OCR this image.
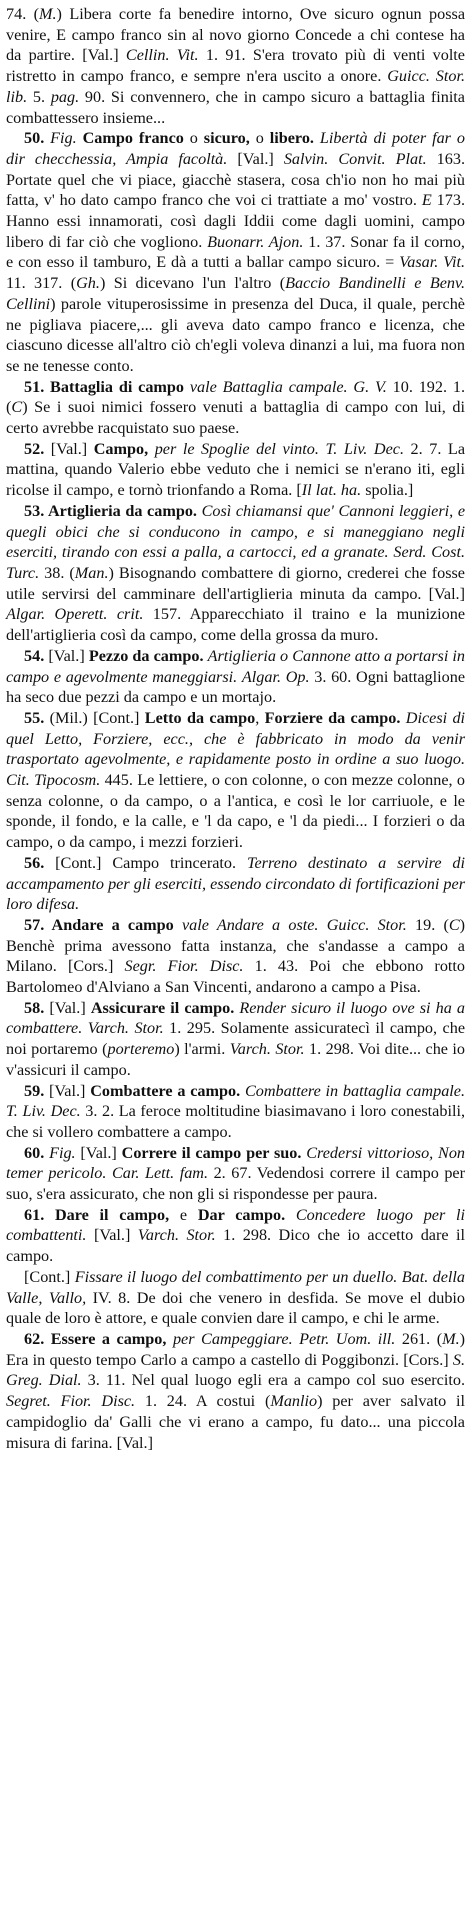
74. (M.) Libera corte fa benedire intorno, Ove sicuro ognun possa venire, E campo franco sin al novo giorno Concede a chi contese ha da partire. [Val.] Cellin. Vit. 1. 91. S'era trovato più di venti volte ristretto in campo franco, e sempre n'era uscito a onore. Guicc. Stor. lib. 5. pag. 90. Si convennero, che in campo sicuro a battaglia finita combattessero insieme...

50. Fig. Campo franco o sicuro, o libero. Libertà di poter far o dir checchessia, Ampia facoltà. [Val.] Salvin. Convit. Plat. 163. Portate quel che vi piace, giacchè stasera, cosa ch'io non ho mai più fatta, v' ho dato campo franco che voi ci trattiate a mo' vostro. E 173. Hanno essi innamorati, così dagli Iddii come dagli uomini, campo libero di far ciò che vogliono. Buonarr. Ajon. 1. 37. Sonar fa il corno, e con esso il tamburo, E dà a tutti a ballar campo sicuro. = Vasar. Vit. 11. 317. (Gh.) Si dicevano l'un l'altro (Baccio Bandinelli e Benv. Cellini) parole vituperosissime in presenza del Duca, il quale, perchè ne pigliava piacere,... gli aveva dato campo franco e licenza, che ciascuno dicesse all'altro ciò ch'egli voleva dinanzi a lui, ma fuora non se ne tenesse conto.

51. Battaglia di campo vale Battaglia campale. G. V. 10. 192. 1. (C) Se i suoi nimici fossero venuti a battaglia di campo con lui, di certo avrebbe racquistato suo paese.

52. [Val.] Campo, per le Spoglie del vinto. T. Liv. Dec. 2. 7. La mattina, quando Valerio ebbe veduto che i nemici se n'erano iti, egli ricolse il campo, e tornò trionfando a Roma. [Il lat. ha. spolia.]

53. Artiglieria da campo. Così chiamansi que' Cannoni leggieri, e quegli obici che si conducono in campo, e si maneggiano negli eserciti, tirando con essi a palla, a cartocci, ed a granate. Serd. Cost. Turc. 38. (Man.) Bisognando combattere di giorno, crederei che fosse utile servirsi del camminare dell'artiglieria minuta da campo. [Val.] Algar. Operett. crit. 157. Apparecchiato il traino e la munizione dell'artiglieria così da campo, come della grossa da muro.

54. [Val.] Pezzo da campo. Artiglieria o Cannone atto a portarsi in campo e agevolmente maneggiarsi. Algar. Op. 3. 60. Ogni battaglione ha seco due pezzi da campo e un mortajo.

55. (Mil.) [Cont.] Letto da campo, Forziere da campo. Dicesi di quel Letto, Forziere, ecc., che è fabbricato in modo da venir trasportato agevolmente, e rapidamente posto in ordine a suo luogo. Cit. Tipocosm. 445. Le lettiere, o con colonne, o con mezze colonne, o senza colonne, o da campo, o a l'antica, e così le lor carriuole, e le sponde, il fondo, e la calle, e 'l da capo, e 'l da piedi... I forzieri o da campo, o da campo, i mezzi forzieri.

56. [Cont.] Campo trincerato. Terreno destinato a servire di accampamento per gli eserciti, essendo circondato di fortificazioni per loro difesa.

57. Andare a campo vale Andare a oste. Guicc. Stor. 19. (C) Benchè prima avessono fatta instanza, che s'andasse a campo a Milano. [Cors.] Segr. Fior. Disc. 1. 43. Poi che ebbono rotto Bartolomeo d'Alviano a San Vincenti, andarono a campo a Pisa.

58. [Val.] Assicurare il campo. Render sicuro il luogo ove si ha a combattere. Varch. Stor. 1. 295. Solamente assicuratecì il campo, che noi portaremo (porteremo) l'armi. Varch. Stor. 1. 298. Voi dite... che io v'assicuri il campo.

59. [Val.] Combattere a campo. Combattere in battaglia campale. T. Liv. Dec. 3. 2. La feroce moltitudine biasimavano i loro conestabili, che si vollero combattere a campo.

60. Fig. [Val.] Correre il campo per suo. Credersi vittorioso, Non temer pericolo. Car. Lett. fam. 2. 67. Vedendosi correre il campo per suo, s'era assicurato, che non gli si rispondesse per paura.

61. Dare il campo, e Dar campo. Concedere luogo per li combattenti. [Val.] Varch. Stor. 1. 298. Dico che io accetto dare il campo.

[Cont.] Fissare il luogo del combattimento per un duello. Bat. della Valle, Vallo, IV. 8. De doi che venero in desfida. Se move el dubio quale de loro è attore, e quale convien dare il campo, e chi le arme.

62. Essere a campo, per Campeggiare. Petr. Uom. ill. 261. (M.) Era in questo tempo Carlo a campo a castello di Poggibonzi. [Cors.] S. Greg. Dial. 3. 11. Nel qual luogo egli era a campo col suo esercito. Segret. Fior. Disc. 1. 24. A costui (Manlio) per aver salvato il campidoglio da' Galli che vi erano a campo, fu dato... una piccola misura di farina. [Val.]
